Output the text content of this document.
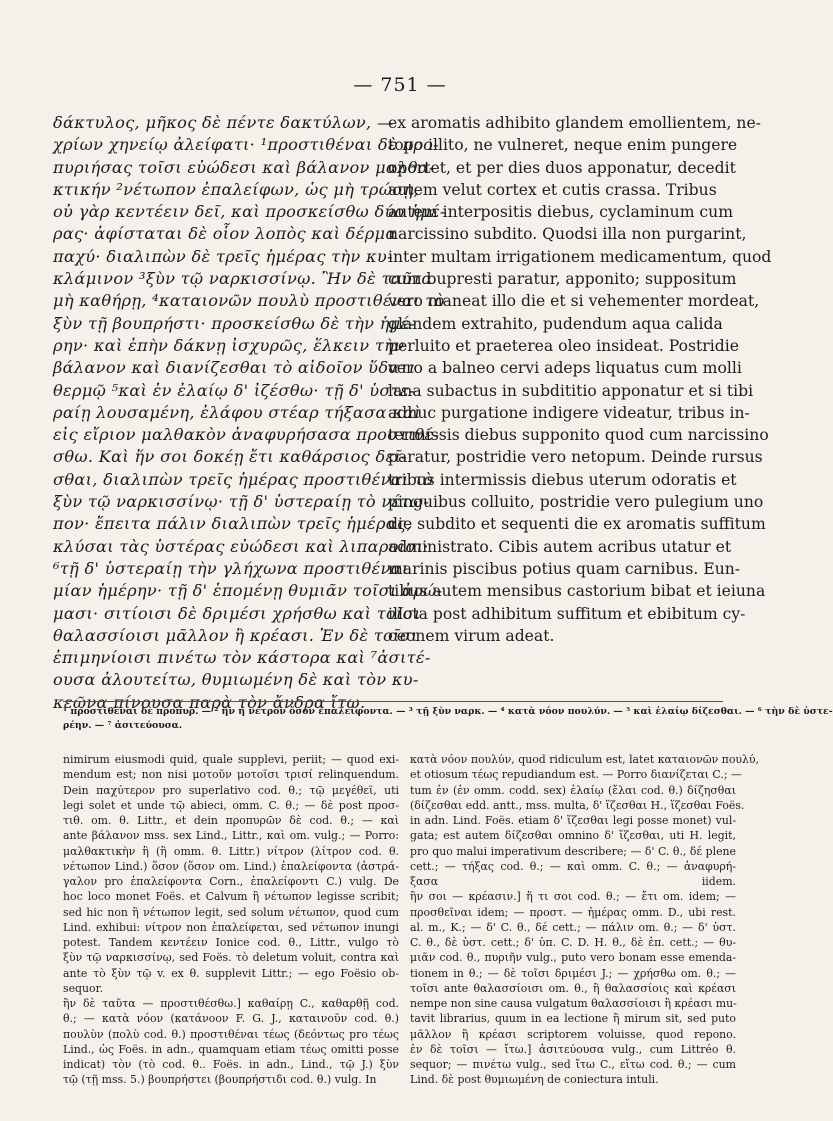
— 751 —

δάκτυλος, μῆκος δὲ πέντε δακτύλων, —
χρίων χηνείῳ ἀλείφατι· ¹προστιθέναι δὲ προ-
πυριήσας τοῖσι εὐώδεσι καὶ βάλανον μαλθα-
κτικήν ²νέτωπον ἐπαλείφων, ὡς μὴ τρώσῃ,
οὐ γὰρ κεντέειν δεῖ, καὶ προσκείσθω δύο ἡμέ-
ρας· ἀφίσταται δὲ οἷον λοπὸς καὶ δέρμα
παχύ· διαλιπὼν δὲ τρεῖς ἡμέρας τὴν κυ-
κλάμινον ³ξὺν τῷ ναρκισσίνῳ. Ἢν δὲ ταῦτα
μὴ καθήρῃ, ⁴καταιονῶν πουλὺ προστιθέναι τὸ
ξὺν τῇ βουπρήστι· προσκείσθω δὲ τὴν ἡμέ-
ρην· καὶ ἐπὴν δάκνῃ ἰσχυρῶς, ἕλκειν τὴν
βάλανον καὶ διανίζεσθαι τὸ αἰδοῖον ὕδατι
θερμῷ ⁵καὶ ἐν ἐλαίῳ δ' ἰζέσθω· τῇ δ' ὑστε-
ραίῃ λουσαμένη, ἐλάφου στέαρ τήξασα καὶ
εἰς εἴριον μαλθακὸν ἀναφυρήσασα προστιθέ-
σθω. Καὶ ἥν σοι δοκέῃ ἔτι καθάρσιος δεῖ-
σθαι, διαλιπὼν τρεῖς ἡμέρας προστιθέναι τὸ
ξὺν τῷ ναρκισσίνῳ· τῇ δ' ὑστεραίῃ τὸ νέτω-
πον· ἔπειτα πάλιν διαλιπὼν τρεῖς ἡμέρας,
κλύσαι τὰς ὑστέρας εὐώδεσι καὶ λιπαροῖσι·
⁶τῇ δ' ὑστεραίῃ τὴν γλήχωνα προστιθέναι
μίαν ἡμέρην· τῇ δ' ἑπομένῃ θυμιᾶν τοῖσι ἀρώ-
μασι· σιτίοισι δὲ δριμέσι χρήσθω καὶ τοῖσι
θαλασσίοισι μᾶλλον ἢ κρέασι. Ἐν δὲ τοῖσι
ἐπιμηνίοισι πινέτω τὸν κάστορα καὶ ⁷ἀσιτέ-
ουσα ἀλουτείτω, θυμιωμένη δὲ καὶ τὸν κυ-
κεῶνα πίνουσα παρὰ τὸν ἄνδρα ἴτω.
ex aromatis adhibito glandem emollientem, ne-
topo illito, ne vulneret, neque enim pungere
oportet, et per dies duos apponatur, decedit
autem velut cortex et cutis crassa. Tribus
autem interpositis diebus, cyclaminum cum
narcissino subdito. Quodsi illa non purgarint,
inter multam irrigationem medicamentum, quod
cum bupresti paratur, apponito; suppositum
vero maneat illo die et si vehementer mordeat,
glandem extrahito, pudendum aqua calida
perluito et praeterea oleo insideat. Postridie
vero a balneo cervi adeps liquatus cum molli
lana subactus in subdititio apponatur et si tibi
adhuc purgatione indigere videatur, tribus in-
termissis diebus supponito quod cum narcissino
paratur, postridie vero netopum. Deinde rursus
tribus intermissis diebus uterum odoratis et
pinguibus colluito, postridie vero pulegium uno
die subdito et sequenti die ex aromatis suffitum
administrato. Cibis autem acribus utatur et
marinis piscibus potius quam carnibus. Eun-
tibus autem mensibus castorium bibat et ieiuna
illota post adhibitum suffitum et ebibitum cy-
ceonem virum adeat.
¹ προστιθέναι δὲ προπυρ. — ² ἢν ἡ νέτρον ὅσον ἐπαλείφοντα. — ³ τῇ ξὺν ναρκ. — ⁴ κατὰ νόον πουλύν. — ⁵ καὶ ἐλαίῳ δίζεσθαι. — ⁶ τὴν δὲ ὑστε-
ρέην. — ⁷ ἀσιτεύουσα.
nimirum eiusmodi quid, quale supplevi, periit; — quod exi-
mendum est; non nisi μοτοῦν μοτοῖσι τρισί relinquendum.
Dein παχύτερον pro superlativo cod. θ.; τῷ μεγέθεϊ, uti
legi solet et unde τῷ abieci, omm. C. θ.; — δὲ post προσ-
τιθ. om. θ. Littr., et dein προπυρῶν δὲ cod. θ.; — καὶ
ante βάλανον mss. sex Lind., Littr., καὶ om. vulg.; — Porro:
μαλθακτικὴν ἢ (ἢ omm. θ. Littr.) νίτρον (λίτρον cod. θ.
νέτωπον Lind.) ὅσον (ὅσον om. Lind.) ἐπαλείφοντα (ἀστρά-
γαλον pro ἐπαλείφοντα Corn., ἐπαλείφοντι C.) vulg. De
hoc loco monet Foës. et Calvum ἢ νέτωπον legisse scribit;
sed hic non ἢ νέτωπον legit, sed solum νέτωπον, quod cum
Lind. exhibui: νίτρον non ἐπαλείφεται, sed νέτωπον inungi
potest. Tandem κεντέειν Ionice cod. θ., Littr., vulgo τὸ
ξὺν τῷ ναρκισσίνῳ, sed Foës. τὸ deletum voluit, contra καὶ
ante τὸ ξὺν τῷ v. ex θ. supplevit Littr.; — ego Foësio ob-
sequor.
ἢν δὲ ταῦτα — προστιθέσθω.] καθαίρῃ C., καθαρθῇ cod.
θ.; — κατὰ νόον (κατάνοον F. G. J., καταινοῦν cod. θ.)
πουλὺν (πολὺ cod. θ.) προστιθέναι τέως (δεόντως pro τέως
Lind., ὡς Foës. in adn., quamquam etiam τέως omitti posse
indicat) τὸν (τὸ cod. θ.. Foës. in adn., Lind., τῷ J.) ξὺν
τῷ (τῇ mss. 5.) βουπρήστει (βουπρήστιδι cod. θ.) vulg. In
κατὰ νόον πουλύν, quod ridiculum est, latet καταιονῶν πουλύ,
et otiosum τέως repudiandum est. — Porro διανίζεται C.; —
tum ἐν (ἐν omm. codd. sex) ἐλαίῳ (ἔλαι cod. θ.) δίζησθαι
(δίζεσθαι edd. antt., mss. multa, δ' ἵζεσθαι H., ἵζεσθαι Foës.
in adn. Lind. Foës. etiam δ' ἵζεσθαι legi posse monet) vul-
gata; est autem δίζεσθαι omnino δ' ἵζεσθαι, uti H. legit,
pro quo malui imperativum describere; — δ' C. θ., δέ plene
cett.; — τήξας cod. θ.; — καὶ omm. C. θ.; — ἀναφυρή-
ξασα iidem.
ἢν σοι — κρέασιν.] ἥ τι σοι cod. θ.; — ἔτι om. idem; —
προσθεῖναι idem; — προστ. — ἡμέρας omm. D., ubi rest.
al. m., K.; — δ' C. θ., δέ cett.; — πάλιν om. θ.; — δ' ὑστ.
C. θ., δὲ ὑστ. cett.; δ' ὑπ. C. D. H. θ., δὲ ἐπ. cett.; — θυ-
μιᾶν cod. θ., πυριῆν vulg., puto vero bonam esse emenda-
tionem in θ.; — δὲ τοῖσι δριμέσι J.; — χρήσθω om. θ.; —
τοῖσι ante θαλασσίοισι om. θ., ἢ θαλασσίοις καὶ κρέασι
nempe non sine causa vulgatum θαλασσίοισι ἢ κρέασι mu-
tavit librarius, quum in ea lectione ἢ mirum sit, sed puto
μᾶλλον ἢ κρέασι scriptorem voluisse, quod repono.
ἐν δὲ τοῖσι — ἴτω.] ἀσιτεύουσα vulg., cum Littréo θ.
sequor; — πινέτω vulg., sed ἴτω C., εἴτω cod. θ.; — cum
Lind. δὲ post θυμιωμένη de coniectura intuli.
